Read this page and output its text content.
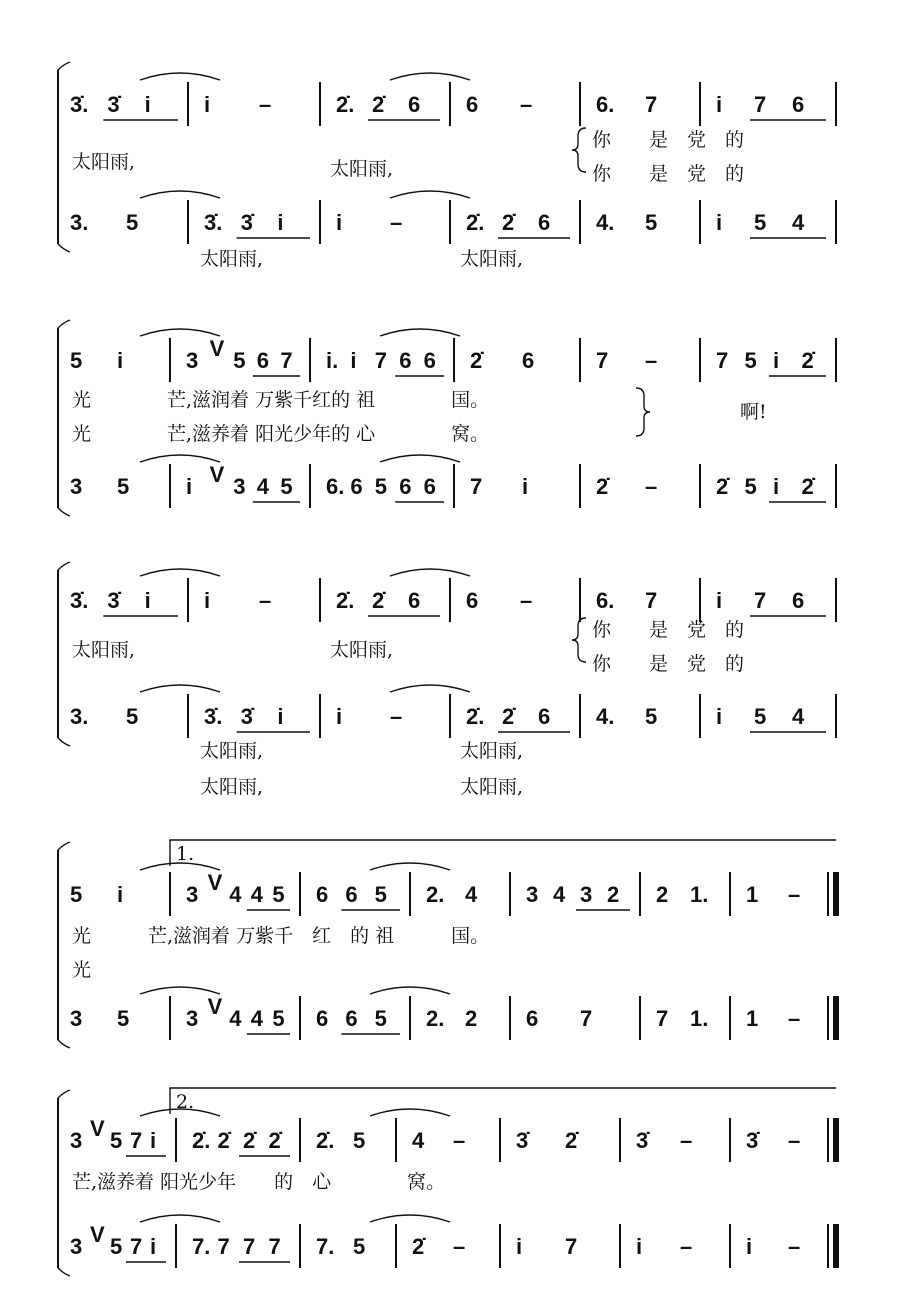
3̇. 3̇ i i –	2̇. 2̇ 6 6 –	6. 7	i 7 6
3. 5	3̇. 3̇ i i –	2̇. 2̇ 6 4. 5	i 5 4
太阳雨,	太阳雨,
你　　是　党　的
你　　是　党　的
太阳雨,	太阳雨,
5 i	3 V 5 6 7 i. i 7 6 6 2̇ 6	7 –	7 5 i 2̇
3 5	i V 3 4 5 6. 6 5 6 6 7 i	2̇ –	2̇ 5 i 2̇
光　　　　芒,滋润着 万紫千红的 祖　　　　国。
光　　　　芒,滋养着 阳光少年的 心　　　　窝。
啊!
3̇. 3̇ i i –	2̇. 2̇ 6 6 –	6. 7	i 7 6
3. 5	3̇. 3̇ i i –	2̇. 2̇ 6 4. 5	i 5 4
太阳雨,	太阳雨,
你　　是　党　的
你　　是　党　的
太阳雨,	太阳雨,
太阳雨,	太阳雨,
1.
5 i	3 V 4 4 5 6 6 5 2. 4 3 4 3 2 2 1. 1 –
3 5	3 V 4 4 5 6 6 5 2. 2 6 7	7 1. 1 –
光　　　芒,滋润着 万紫千　红　的 祖　　　国。
光
2.
3 V 5 7 i 2̇. 2̇ 2̇ 2̇ 2̇. 5 4 – 3̇ 2̇	3̇ – 3̇ –
3 V 5 7 i 7. 7 7 7 7. 5 2̇ – i 7	i – i –
芒,滋养着 阳光少年　　的　心　　　　窝。
